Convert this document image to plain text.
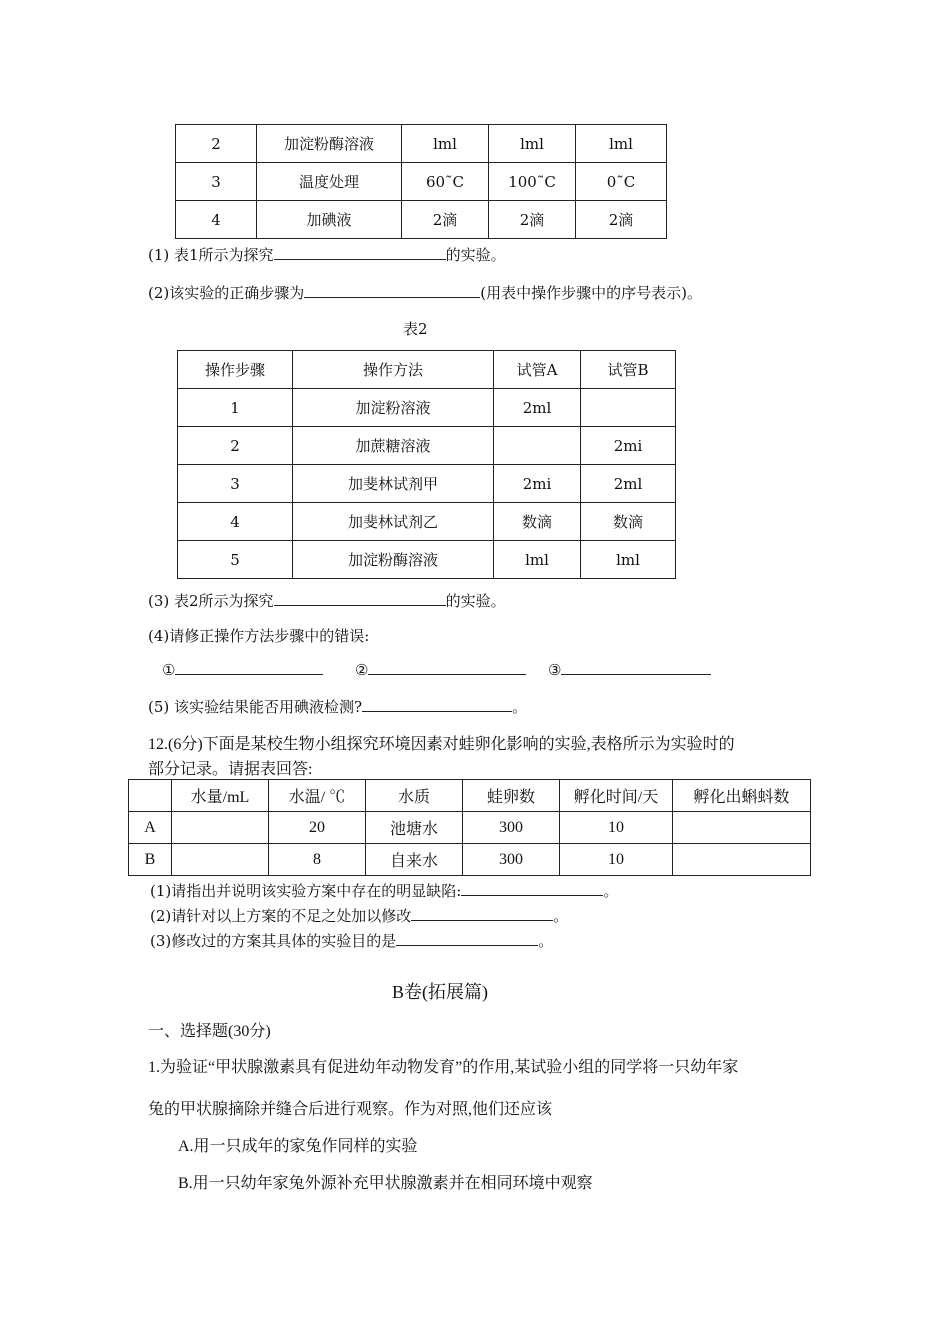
2	加淀粉酶溶液	lml	lml	lml
3	温度处理	60˜C	100˜C	0˜C
4	加碘液	2滴	2滴	2滴
(1) 表1所示为探究	的实验。
(2)该实验的正确步骤为	(用表中操作步骤中的序号表示)。
表2
操作步骤	操作方法	试管A	试管B
1	加淀粉溶液	2ml	
2	加蔗糖溶液		2mi
3	加斐林试剂甲	2mi	2ml
4	加斐林试剂乙	数滴	数滴
5	加淀粉酶溶液	lml	lml
(3) 表2所示为探究	的实验。
(4)请修正操作方法步骤中的错误:
①	②	③
(5) 该实验结果能否用碘液检测?	。
12.(6分)下面是某校生物小组探究环境因素对蛙卵化影响的实验,表格所示为实验时的
部分记录。请据表回答:
	水量/mL	水温/ ℃	水质	蛙卵数	孵化时间/天	孵化出蝌蚪数
A		20	池塘水	300	10	
B		8	自来水	300	10	
(1)请指出并说明该实验方案中存在的明显缺陷:	。
(2)请针对以上方案的不足之处加以修改	。
(3)修改过的方案其具体的实验目的是	。
B卷(拓展篇)
一、选择题(30分)
1.为验证“甲状腺激素具有促进幼年动物发育”的作用,某试验小组的同学将一只幼年家
兔的甲状腺摘除并缝合后进行观察。作为对照,他们还应该
A.用一只成年的家兔作同样的实验
B.用一只幼年家兔外源补充甲状腺激素并在相同环境中观察
